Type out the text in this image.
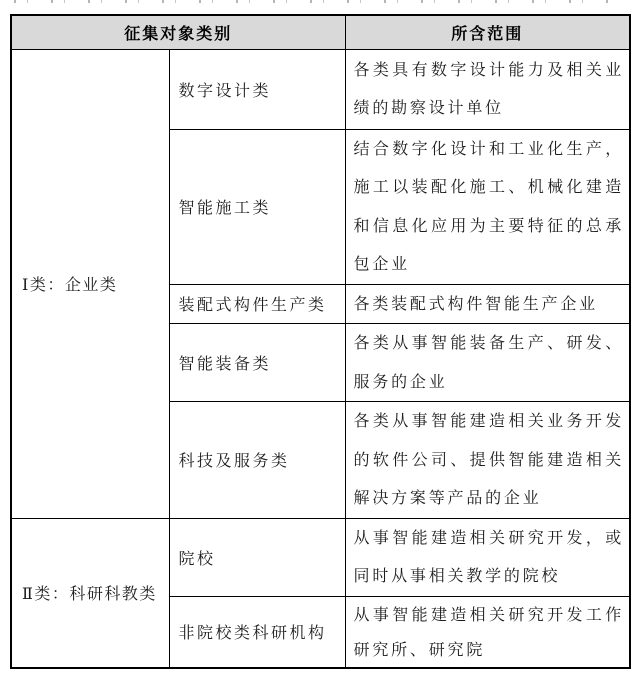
征集对象类别		所含范围
Ⅰ类：企业类	数字设计类	各类具有数字设计能力及相关业绩的勘察设计单位
	智能施工类	结合数字化设计和工业化生产，施工以装配化施工、机械化建造和信息化应用为主要特征的总承包企业
	装配式构件生产类	各类装配式构件智能生产企业
	智能装备类	各类从事智能装备生产、研发、服务的企业
	科技及服务类	各类从事智能建造相关业务开发的软件公司、提供智能建造相关解决方案等产品的企业
Ⅱ类：科研科教类	院校	从事智能建造相关研究开发，或同时从事相关教学的院校
	非院校类科研机构	从事智能建造相关研究开发工作研究所、研究院
